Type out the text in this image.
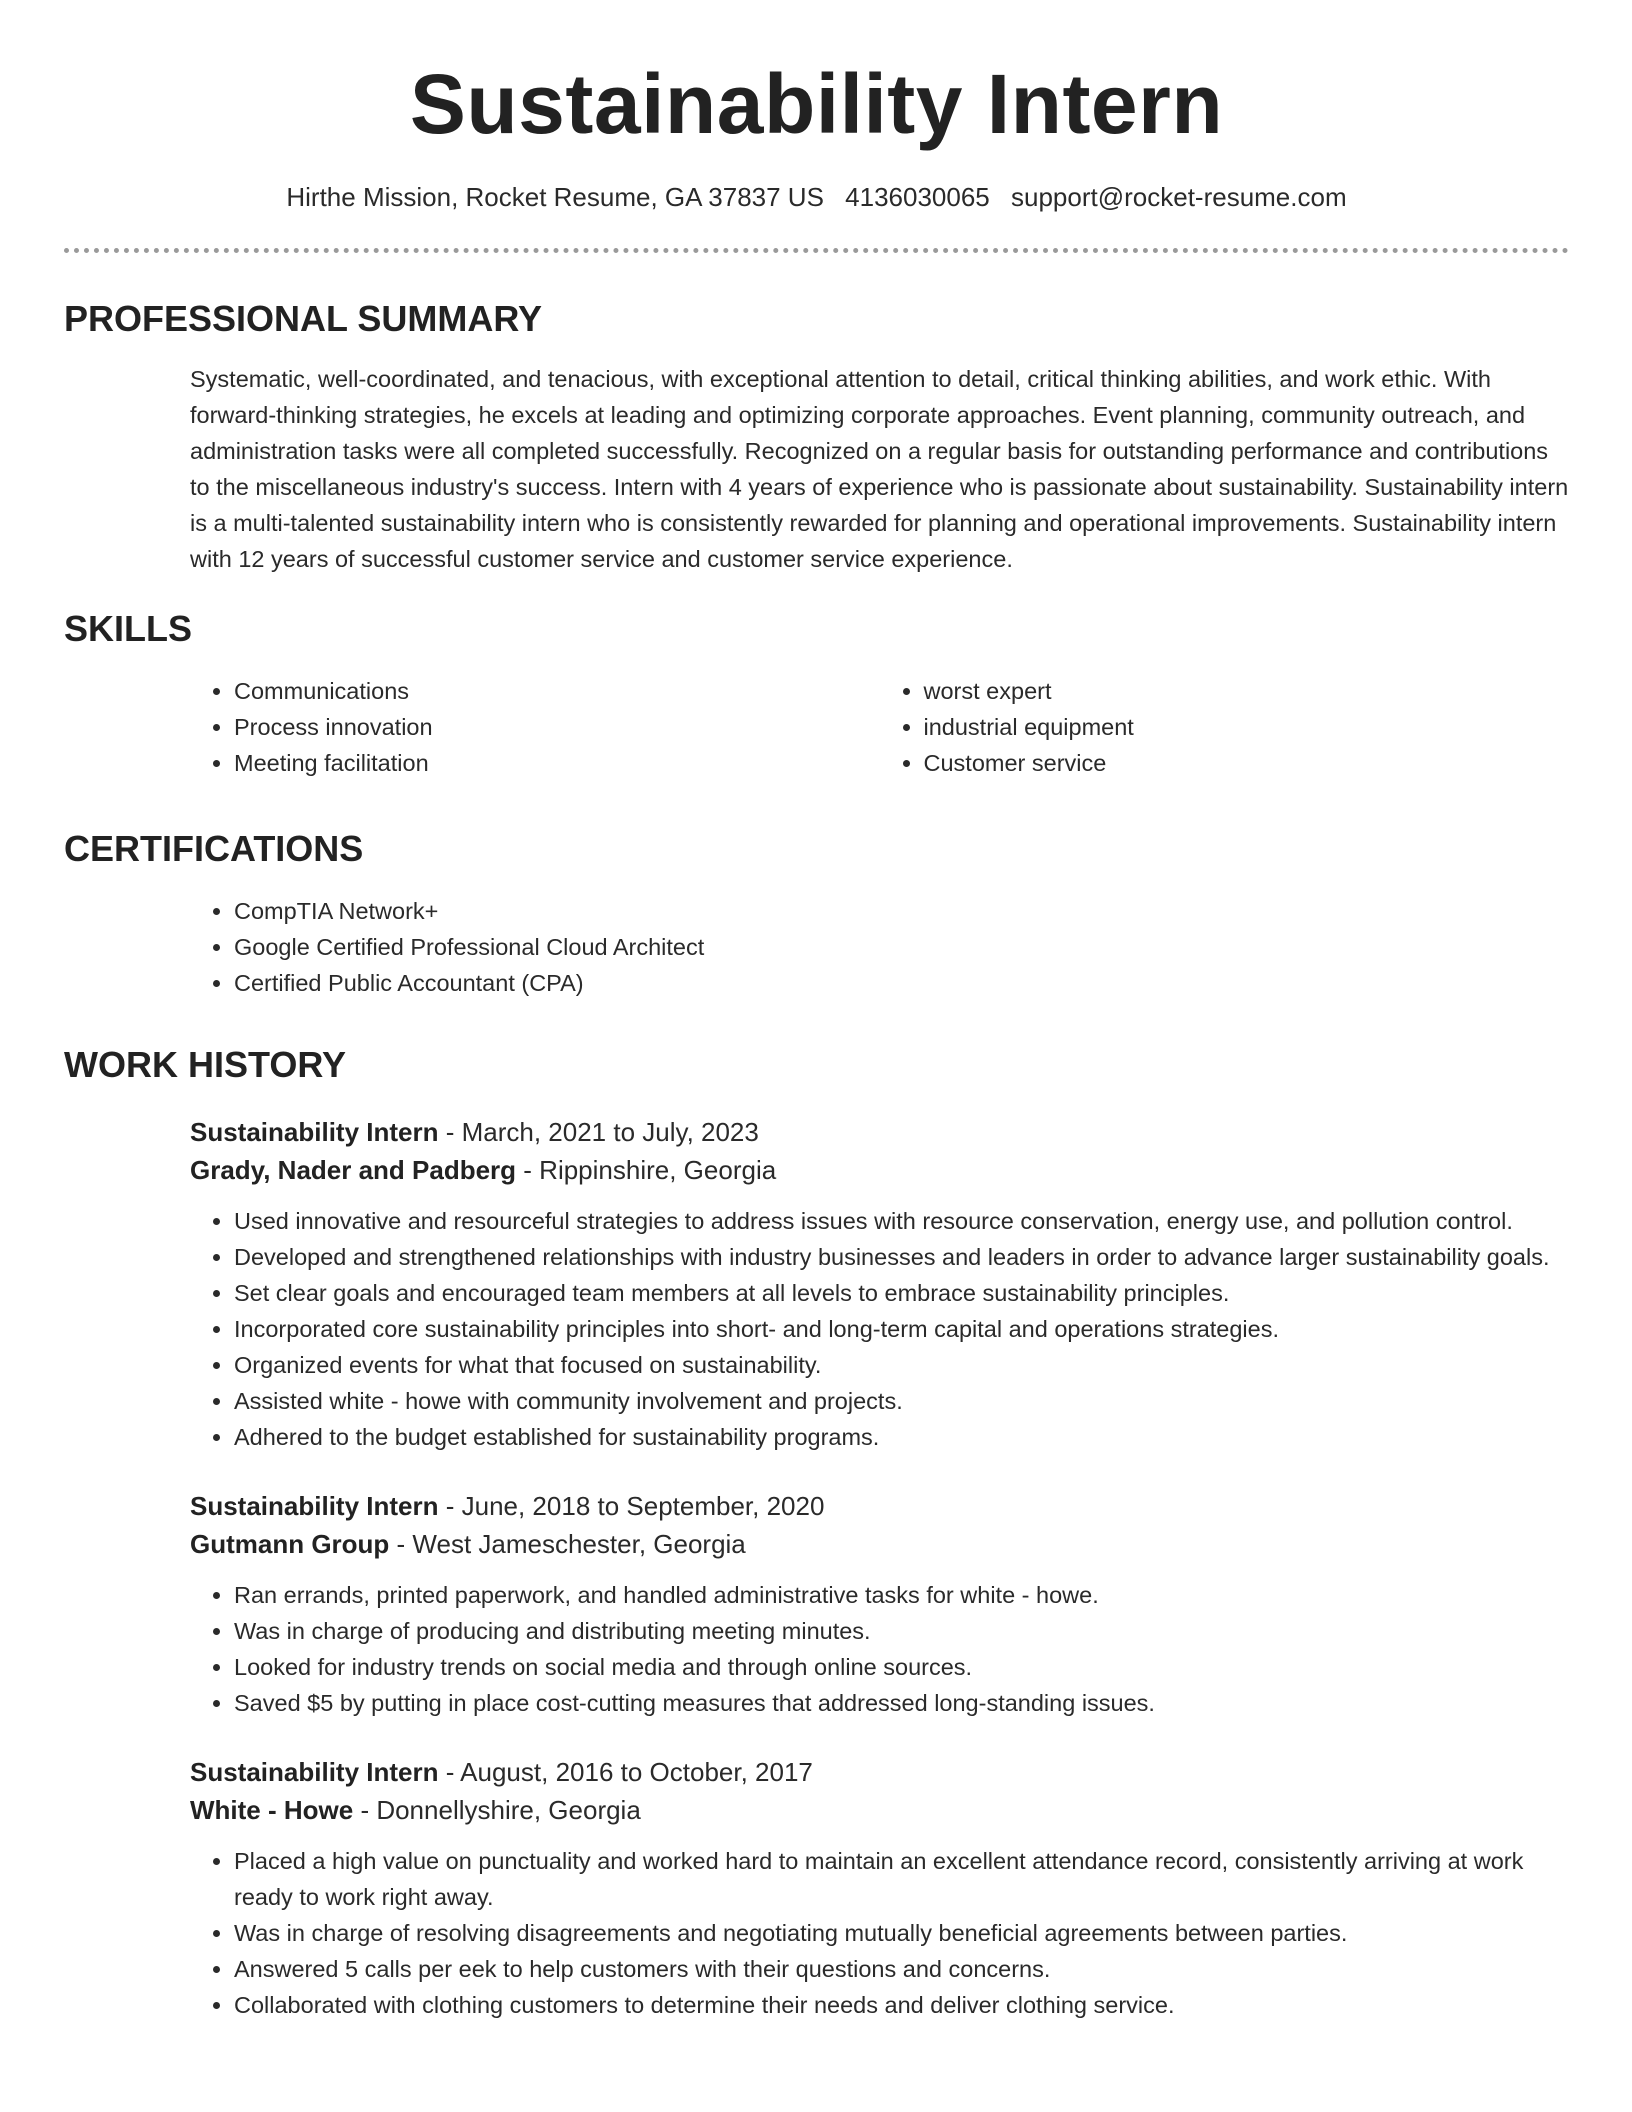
Sustainability Intern
Hirthe Mission, Rocket Resume, GA 37837 US 4136030065 support@rocket-resume.com
PROFESSIONAL SUMMARY
Systematic, well-coordinated, and tenacious, with exceptional attention to detail, critical thinking abilities, and work ethic. With forward-thinking strategies, he excels at leading and optimizing corporate approaches. Event planning, community outreach, and administration tasks were all completed successfully. Recognized on a regular basis for outstanding performance and contributions to the miscellaneous industry's success. Intern with 4 years of experience who is passionate about sustainability. Sustainability intern is a multi-talented sustainability intern who is consistently rewarded for planning and operational improvements. Sustainability intern with 12 years of successful customer service and customer service experience.
SKILLS
• Communications
• Process innovation
• Meeting facilitation
• worst expert
• industrial equipment
• Customer service
CERTIFICATIONS
• CompTIA Network+
• Google Certified Professional Cloud Architect
• Certified Public Accountant (CPA)
WORK HISTORY
Sustainability Intern - March, 2021 to July, 2023
Grady, Nader and Padberg - Rippinshire, Georgia
• Used innovative and resourceful strategies to address issues with resource conservation, energy use, and pollution control.
• Developed and strengthened relationships with industry businesses and leaders in order to advance larger sustainability goals.
• Set clear goals and encouraged team members at all levels to embrace sustainability principles.
• Incorporated core sustainability principles into short- and long-term capital and operations strategies.
• Organized events for what that focused on sustainability.
• Assisted white - howe with community involvement and projects.
• Adhered to the budget established for sustainability programs.
Sustainability Intern - June, 2018 to September, 2020
Gutmann Group - West Jameschester, Georgia
• Ran errands, printed paperwork, and handled administrative tasks for white - howe.
• Was in charge of producing and distributing meeting minutes.
• Looked for industry trends on social media and through online sources.
• Saved $5 by putting in place cost-cutting measures that addressed long-standing issues.
Sustainability Intern - August, 2016 to October, 2017
White - Howe - Donnellyshire, Georgia
• Placed a high value on punctuality and worked hard to maintain an excellent attendance record, consistently arriving at work ready to work right away.
• Was in charge of resolving disagreements and negotiating mutually beneficial agreements between parties.
• Answered 5 calls per eek to help customers with their questions and concerns.
• Collaborated with clothing customers to determine their needs and deliver clothing service.
